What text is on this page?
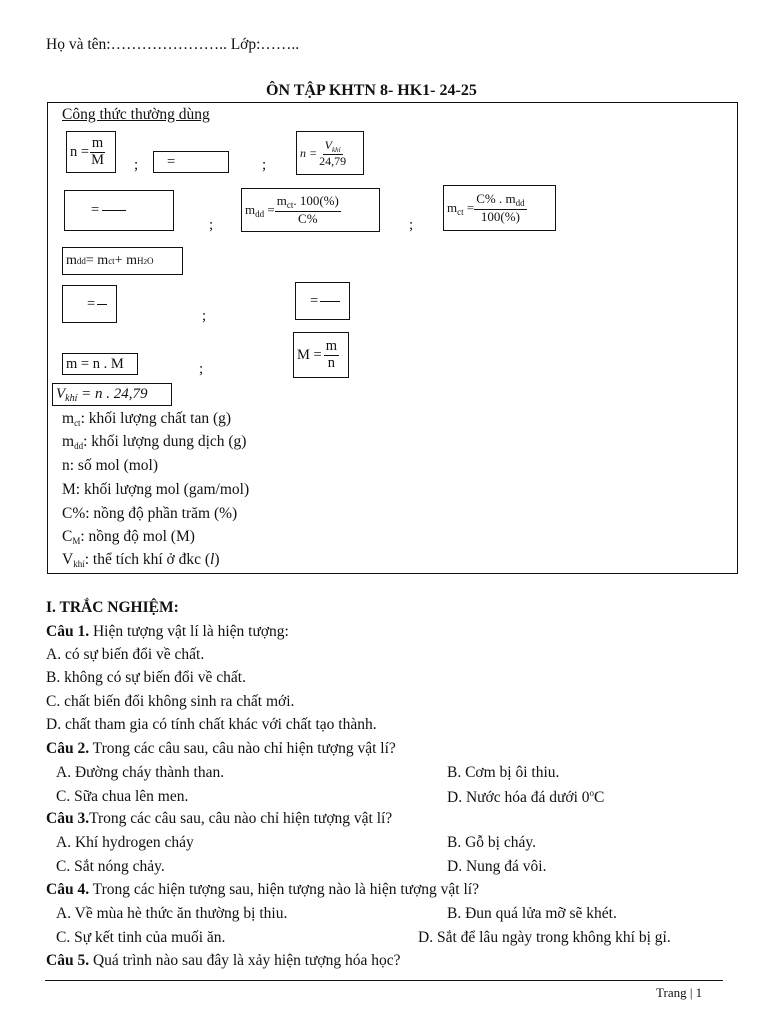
Họ và tên:………………….. Lớp:……..
ÔN TẬP KHTN 8- HK1- 24-25
Công thức thường dùng
$n = \frac{m}{M}$ ;	=	;
$n = \frac{V_{khí}}{24,79}$
=
;
$m_{dd} = \frac{m_{ct}. 100(\%)}{C\%}$	;
$m_{ct} = \frac{C\% . m_{dd}}{100(\%)}$
m dd = m ct + m H2O
=
;
=
m = n . M	;
$M = \frac{m}{n}$
$V_{khí} = n$ . 24,79
$m_{ct}$: khối lượng chất tan (g)
$m_{dd}$: khối lượng dung dịch (g)
n: số mol (mol)
M: khối lượng mol (gam/mol)
C%: nồng độ phần trăm (%)
$C_M$: nồng độ mol (M)
$V_{khí}$: thể tích khí ở đkc (l)
I. TRẮC NGHIỆM:
Câu 1. Hiện tượng vật lí là hiện tượng:
A. có sự biến đổi về chất.
B. không có sự biến đổi về chất.
C. chất biến đổi không sinh ra chất mới.
D. chất tham gia có tính chất khác với chất tạo thành.
Câu 2. Trong các câu sau, câu nào chỉ hiện tượng vật lí?
A. Đường cháy thành than.	B. Cơm bị ôi thiu.
C. Sữa chua lên men.	D. Nước hóa đá dưới 0$^o$C
Câu 3.Trong các câu sau, câu nào chỉ hiện tượng vật lí?
A. Khí hydrogen cháy	B. Gỗ bị cháy.
C. Sắt nóng chảy.	D. Nung đá vôi.
Câu 4. Trong các hiện tượng sau, hiện tượng nào là hiện tượng vật lí?
A. Về mùa hè thức ăn thường bị thiu.	B. Đun quá lửa mỡ sẽ khét.
C. Sự kết tinh của muối ăn.	D. Sắt để lâu ngày trong không khí bị gỉ.
Câu 5. Quá trình nào sau đây là xảy hiện tượng hóa học?
Trang | 1
